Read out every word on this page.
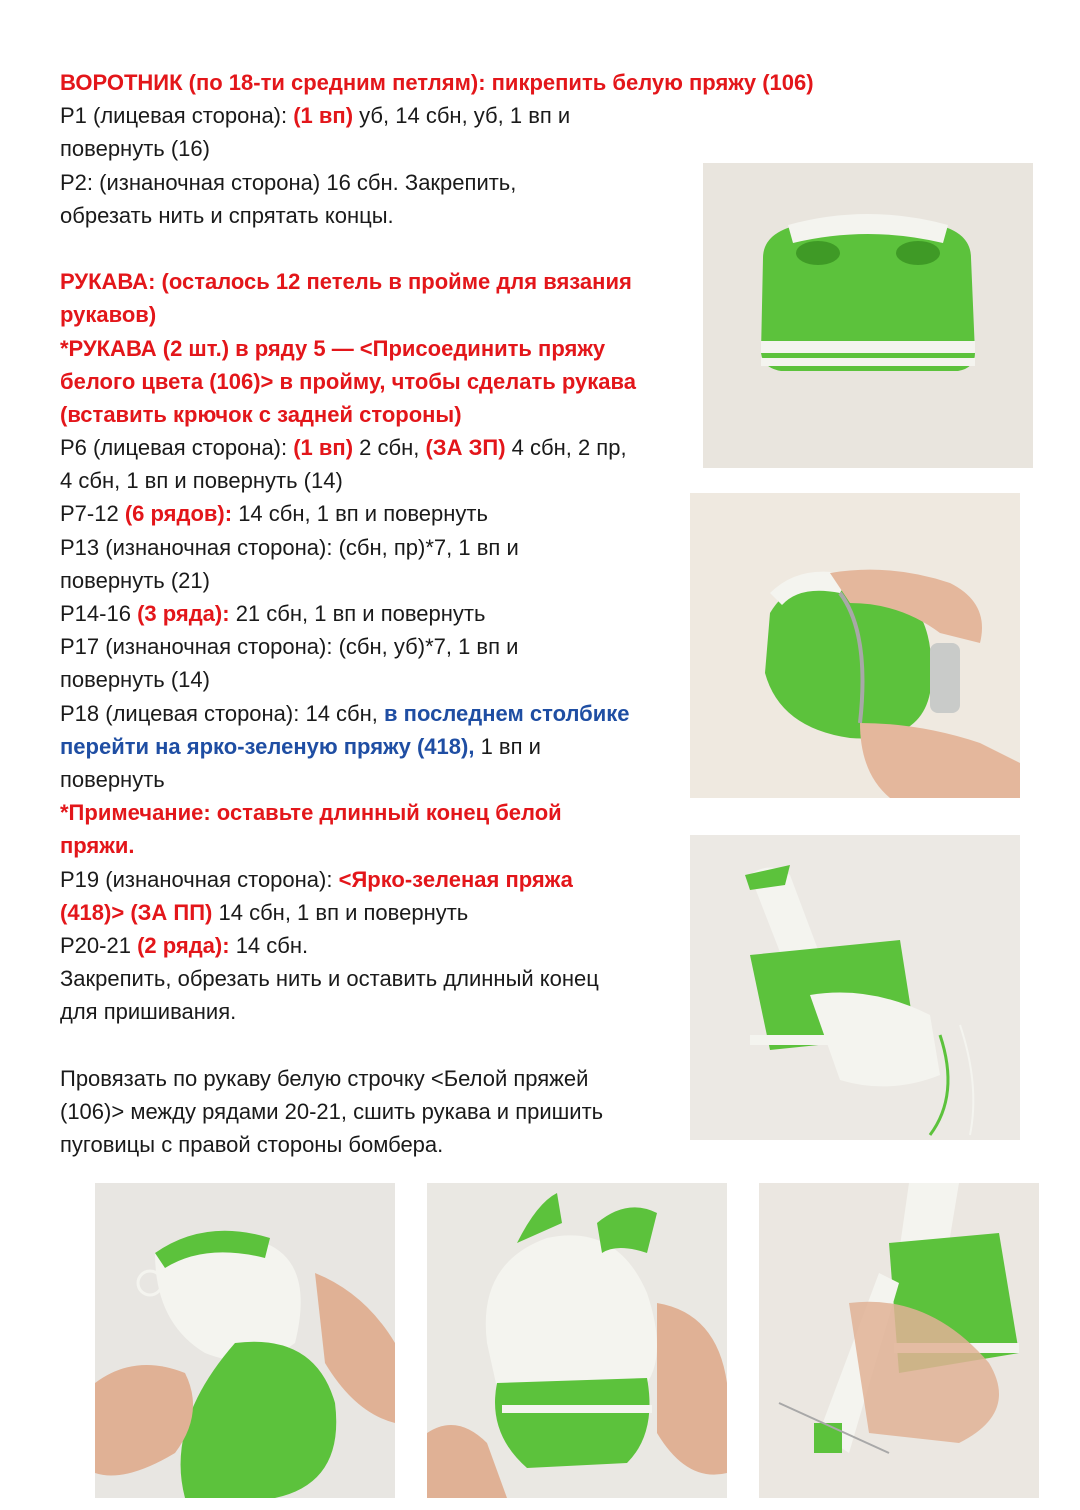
ВОРОТНИК (по 18-ти средним петлям): пикрепить белую пряжу (106)
Р1 (лицевая сторона): (1 вп) уб, 14 сбн, уб, 1 вп и
повернуть (16)
Р2: (изнаночная сторона) 16 сбн. Закрепить,
обрезать нить и спрятать концы.
РУКАВА: (осталось 12 петель в пройме для вязания
рукавов)
*РУКАВА (2 шт.) в ряду 5 — <Присоединить пряжу
белого цвета (106)> в пройму, чтобы сделать рукава
(вставить крючок с задней стороны)
Р6 (лицевая сторона): (1 вп) 2 сбн, (ЗА ЗП) 4 сбн, 2 пр,
4 сбн, 1 вп и повернуть (14)
Р7-12 (6 рядов): 14 сбн, 1 вп и повернуть
Р13 (изнаночная сторона): (сбн, пр)*7, 1 вп и
повернуть (21)
Р14-16 (3 ряда): 21 сбн, 1 вп и повернуть
Р17 (изнаночная сторона): (сбн, уб)*7, 1 вп и
повернуть (14)
Р18 (лицевая сторона): 14 сбн, в последнем столбике
перейти на ярко-зеленую пряжу (418), 1 вп и
повернуть
*Примечание: оставьте длинный конец белой
пряжи.
Р19 (изнаночная сторона): <Ярко-зеленая пряжа
(418)> (ЗА ПП) 14 сбн, 1 вп и повернуть
Р20-21 (2 ряда): 14 сбн.
Закрепить, обрезать нить и оставить длинный конец
для пришивания.
Провязать по рукаву белую строчку <Белой пряжей
(106)> между рядами 20-21, сшить рукава и пришить
пуговицы с правой стороны бомбера.
